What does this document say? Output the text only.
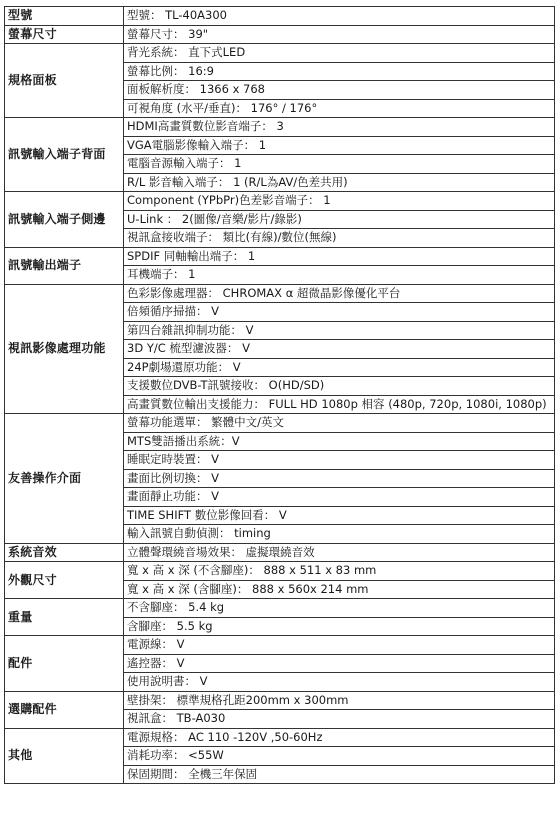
型號	型號： TL-40A300
螢幕尺寸	螢幕尺寸： 39"
規格面板	背光系統： 直下式LED
	螢幕比例： 16:9
	面板解析度： 1366 x 768
	可視角度 (水平/垂直)： 176° / 176°
訊號輸入端子背面	HDMI高畫質數位影音端子： 3
	VGA電腦影像輸入端子： 1
	電腦音源輸入端子： 1
	R/L 影音輸入端子： 1 (R/L為AV/色差共用)
訊號輸入端子側邊	Component (YPbPr)色差影音端子： 1
	U-Link ： 2(圖像/音樂/影片/錄影)
	視訊盒接收端子： 類比(有線)/數位(無線)
訊號輸出端子	SPDIF 同軸輸出端子： 1
	耳機端子： 1
視訊影像處理功能	色彩影像處理器： CHROMAX α 超微晶影像優化平台
	倍頻循序掃描： V
	第四台雜訊抑制功能： V
	3D Y/C 梳型濾波器： V
	24P劇場還原功能： V
	支援數位DVB-T訊號接收： O(HD/SD)
	高畫質數位輸出支援能力： FULL HD 1080p 相容 (480p, 720p, 1080i, 1080p)
友善操作介面	螢幕功能選單： 繁體中文/英文
	MTS雙語播出系統：V
	睡眠定時裝置： V
	畫面比例切換： V
	畫面靜止功能： V
	TIME SHIFT 數位影像回看： V
	輸入訊號自動偵測： timing
系統音效	立體聲環繞音場效果： 虛擬環繞音效
外觀尺寸	寬 x 高 x 深 (不含腳座)： 888 x 511 x 83 mm
	寬 x 高 x 深 (含腳座)： 888 x 560x 214 mm
重量	不含腳座： 5.4 kg
	含腳座： 5.5 kg
配件	電源線： V
	遙控器： V
	使用說明書： V
選購配件	壁掛架： 標準規格孔距200mm x 300mm
	視訊盒： TB-A030
其他	電源規格： AC 110 -120V ,50-60Hz
	消耗功率： <55W
	保固期間： 全機三年保固
